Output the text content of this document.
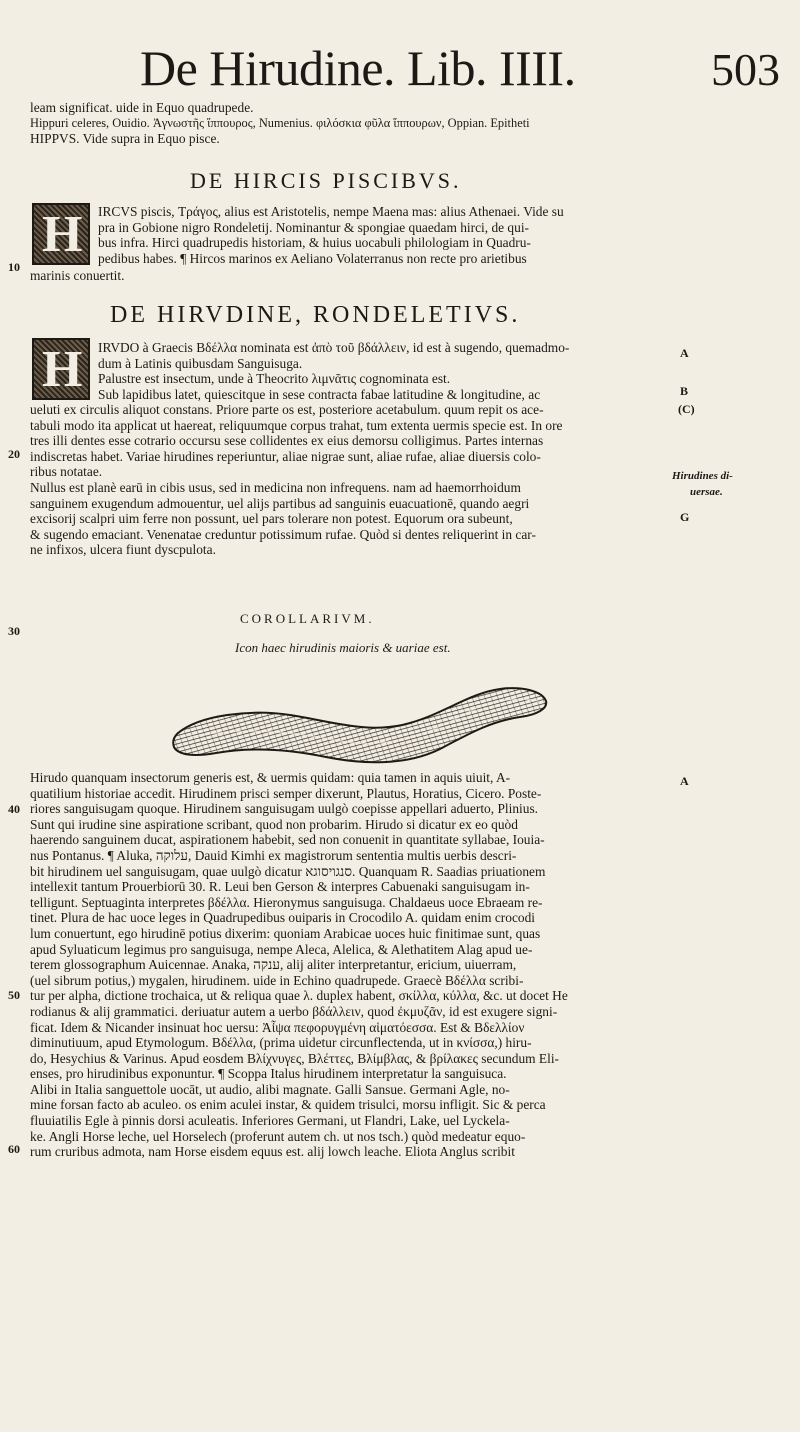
De Hirudine. Lib. IIII.	503
leam significat. uide in Equo quadrupede.
Hippuri celeres, Ouidio. Ἀγνωστῆς ἵππουρος, Numenius. φιλόσκια φῦλα ἵππουρων, Oppian. Epitheti
HIPPVS. Vide supra in Equo pisce.
DE HIRCIS PISCIBVS.
H IRCVS piscis, Τράγος, alius est Aristotelis, nempe Maena mas: alius Athenaei. Vide su
pra in Gobione nigro Rondeletij. Nominantur & spongiae quaedam hirci, de qui-
bus infra. Hirci quadrupedis historiam, & huius uocabuli philologiam in Quadru-
pedibus habes. ¶ Hircos marinos ex Aeliano Volaterranus non recte pro arietibus
marinis conuertit.
10
DE HIRVDINE, RONDELETIVS.
H IRVDO à Graecis Βδέλλα nominata est ἀπὸ τοῦ βδάλλειν, id est à sugendo, quemadmo-
dum à Latinis quibusdam Sanguisuga.
Palustre est insectum, unde à Theocrito λιμνᾶτις cognominata est.
Sub lapidibus latet, quiescitque in sese contracta fabae latitudine & longitudine, ac
ueluti ex circulis aliquot constans. Priore parte os est, posteriore acetabulum. quum repit os ace-
tabuli modo ita applicat ut haereat, reliquumque corpus trahat, tum extenta uermis specie est. In ore
tres illi dentes esse cotrario occursu sese collidentes ex eius demorsu colligimus. Partes internas
indiscretas habet. Variae hirudines reperiuntur, aliae nigrae sunt, aliae rufae, aliae diuersis colo-
ribus notatae.
Nullus est planè earū in cibis usus, sed in medicina non infrequens. nam ad haemorrhoidum
sanguinem exugendum admouentur, uel alijs partibus ad sanguinis euacuationē, quando aegri
excisorij scalpri uim ferre non possunt, uel pars tolerare non potest. Equorum ora subeunt,
& sugendo emaciant. Venenatae creduntur potissimum rufae. Quòd si dentes reliquerint in car-
ne infixos, ulcera fiunt dyscpulota.
A
B
(C)
Hirudines di-
uersae.
G
20
COROLLARIVM.
30
Icon haec hirudinis maioris & uariae est.
Hirudo quanquam insectorum generis est, & uermis quidam: quia tamen in aquis uiuit, A-
quatilium historiae accedit. Hirudinem prisci semper dixerunt, Plautus, Horatius, Cicero. Poste-
riores sanguisugam quoque. Hirudinem sanguisugam uulgò coepisse appellari aduerto, Plinius.
Sunt qui irudine sine aspiratione scribant, quod non probarim. Hirudo si dicatur ex eo quòd
haerendo sanguinem ducat, aspirationem habebit, sed non conuenit in quantitate syllabae, Iouia-
nus Pontanus. ¶ Aluka, עלוקה, Dauid Kimhi ex magistrorum sententia multis uerbis descri-
bit hirudinem uel sanguisugam, quae uulgò dicatur סנגויסוגא. Quanquam R. Saadias priuationem
intellexit tantum Prouerbiorū 30. R. Leui ben Gerson & interpres Cabuenaki sanguisugam in-
telligunt. Septuaginta interpretes βδέλλα. Hieronymus sanguisuga. Chaldaeus uoce Ebraeam re-
tinet. Plura de hac uoce leges in Quadrupedibus ouiparis in Crocodilo A. quidam enim crocodi
lum conuertunt, ego hirudinē potius dixerim: quoniam Arabicae uoces huic finitimae sunt, quas
apud Syluaticum legimus pro sanguisuga, nempe Aleca, Alelica, & Alethatitem Alag apud ue-
terem glossographum Auicennae. Anaka, ענקה, alij aliter interpretantur, ericium, uiuerram,
(uel sibrum potius,) mygalen, hirudinem. uide in Echino quadrupede. Graecè Βδέλλα scribi-
tur per alpha, dictione trochaica, ut & reliqua quae λ. duplex habent, σκίλλα, κύλλα, &c. ut docet He
rodianus & alij grammatici. deriuatur autem a uerbo βδάλλειν, quod ἐκμυζᾶν, id est exugere signi-
ficat. Idem & Nicander insinuat hoc uersu: Ἀἶψα πεφορυγμένη αἱματόεσσα. Est & Βδελλίον
diminutiuum, apud Etymologum. Βδέλλα, (prima uidetur circunflectenda, ut in κνίσσα,) hiru-
do, Hesychius & Varinus. Apud eosdem Βλίχνυγες, Βλέττες, Βλίμβλας, & βρίλακες secundum Eli-
enses, pro hirudinibus exponuntur. ¶ Scoppa Italus hirudinem interpretatur la sanguisuca.
Alibi in Italia sanguettole uocāt, ut audio, alibi magnate. Galli Sansue. Germani Agle, no-
mine forsan facto ab aculeo. os enim aculei instar, & quidem trisulci, morsu infligit. Sic & perca
fluuiatilis Egle à pinnis dorsi aculeatis. Inferiores Germani, ut Flandri, Lake, uel Lyckela-
ke. Angli Horse leche, uel Horselech (proferunt autem ch. ut nos tsch.) quòd medeatur equo-
rum cruribus admota, nam Horse eisdem equus est. alij lowch leache. Eliota Anglus scribit
A
40
50
60
